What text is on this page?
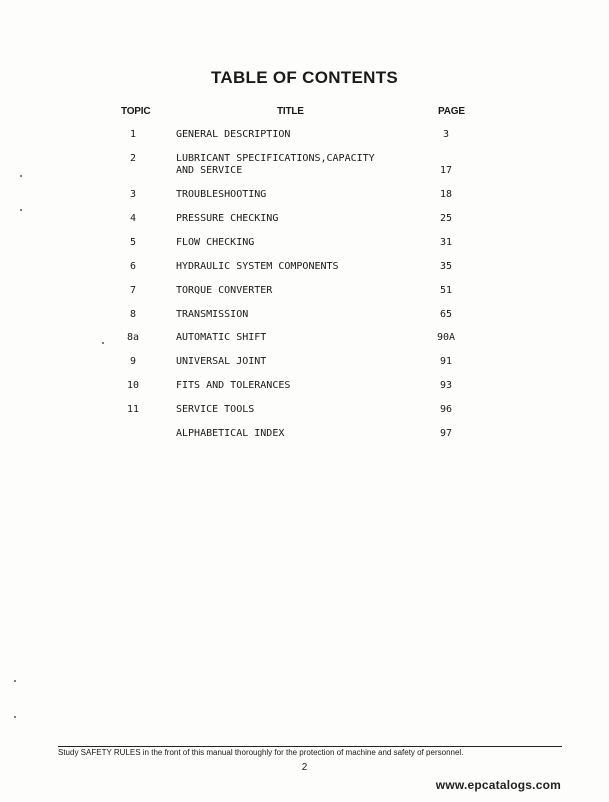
TABLE OF CONTENTS
TOPIC	TITLE	PAGE
1	GENERAL DESCRIPTION	3
2	LUBRICANT SPECIFICATIONS,CAPACITY
AND SERVICE	17
3	TROUBLESHOOTING	18
4	PRESSURE CHECKING	25
5	FLOW CHECKING	31
6	HYDRAULIC SYSTEM COMPONENTS	35
7	TORQUE CONVERTER	51
8	TRANSMISSION	65
8a	AUTOMATIC SHIFT	90A
9	UNIVERSAL JOINT	91
10	FITS AND TOLERANCES	93
11	SERVICE TOOLS	96
ALPHABETICAL INDEX	97
Study SAFETY RULES in the front of this manual thoroughly for the protection of machine and safety of personnel.
2
www.epcatalogs.com
